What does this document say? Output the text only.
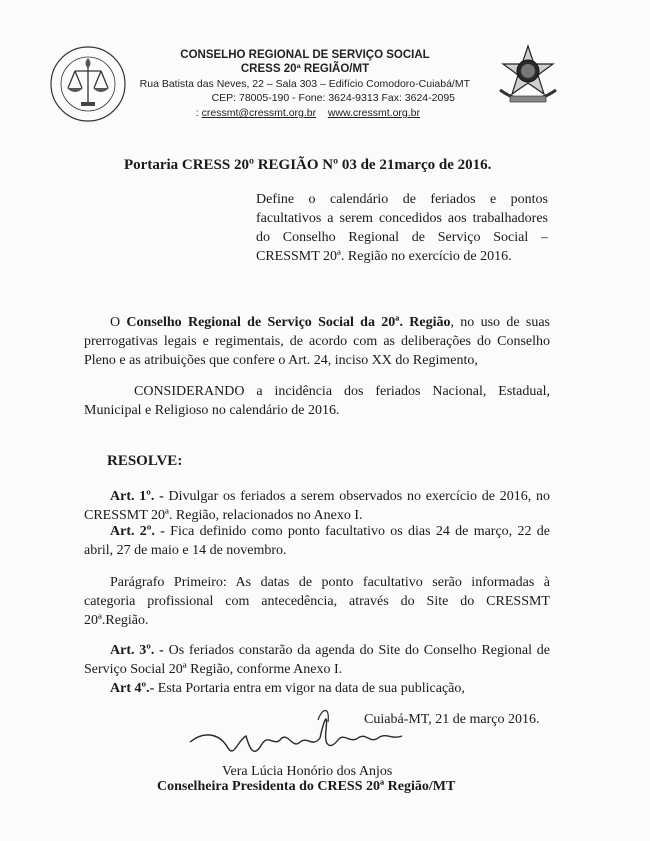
CONSELHO REGIONAL DE SERVIÇO SOCIAL
CRESS 20ª REGIÃO/MT
Rua Batista das Neves, 22 – Sala 303 – Edifício Comodoro-Cuiabá/MT
CEP: 78005-190 - Fone: 3624-9313 Fax: 3624-2095
: cressmt@cressmt.org.br www.cressmt.org.br
Portaria CRESS 20º REGIÃO Nº 03 de 21março de 2016.
Define o calendário de feriados e pontos facultativos a serem concedidos aos trabalhadores do Conselho Regional de Serviço Social – CRESSMT 20ª. Região no exercício de 2016.
O Conselho Regional de Serviço Social da 20ª. Região, no uso de suas prerrogativas legais e regimentais, de acordo com as deliberações do Conselho Pleno e as atribuições que confere o Art. 24, inciso XX do Regimento,
CONSIDERANDO a incidência dos feriados Nacional, Estadual, Municipal e Religioso no calendário de 2016.
RESOLVE:
Art. 1º. - Divulgar os feriados a serem observados no exercício de 2016, no CRESSMT 20ª. Região, relacionados no Anexo I.
Art. 2º. - Fica definido como ponto facultativo os dias 24 de março, 22 de abril, 27 de maio e 14 de novembro.
Parágrafo Primeiro: As datas de ponto facultativo serão informadas à categoria profissional com antecedência, através do Site do CRESSMT 20ª.Região.
Art. 3º. - Os feriados constarão da agenda do Site do Conselho Regional de Serviço Social 20ª Região, conforme Anexo I.
Art 4º.- Esta Portaria entra em vigor na data de sua publicação,
Cuiabá-MT, 21 de março 2016.
Vera Lúcia Honório dos Anjos
Conselheira Presidenta do CRESS 20ª Região/MT
